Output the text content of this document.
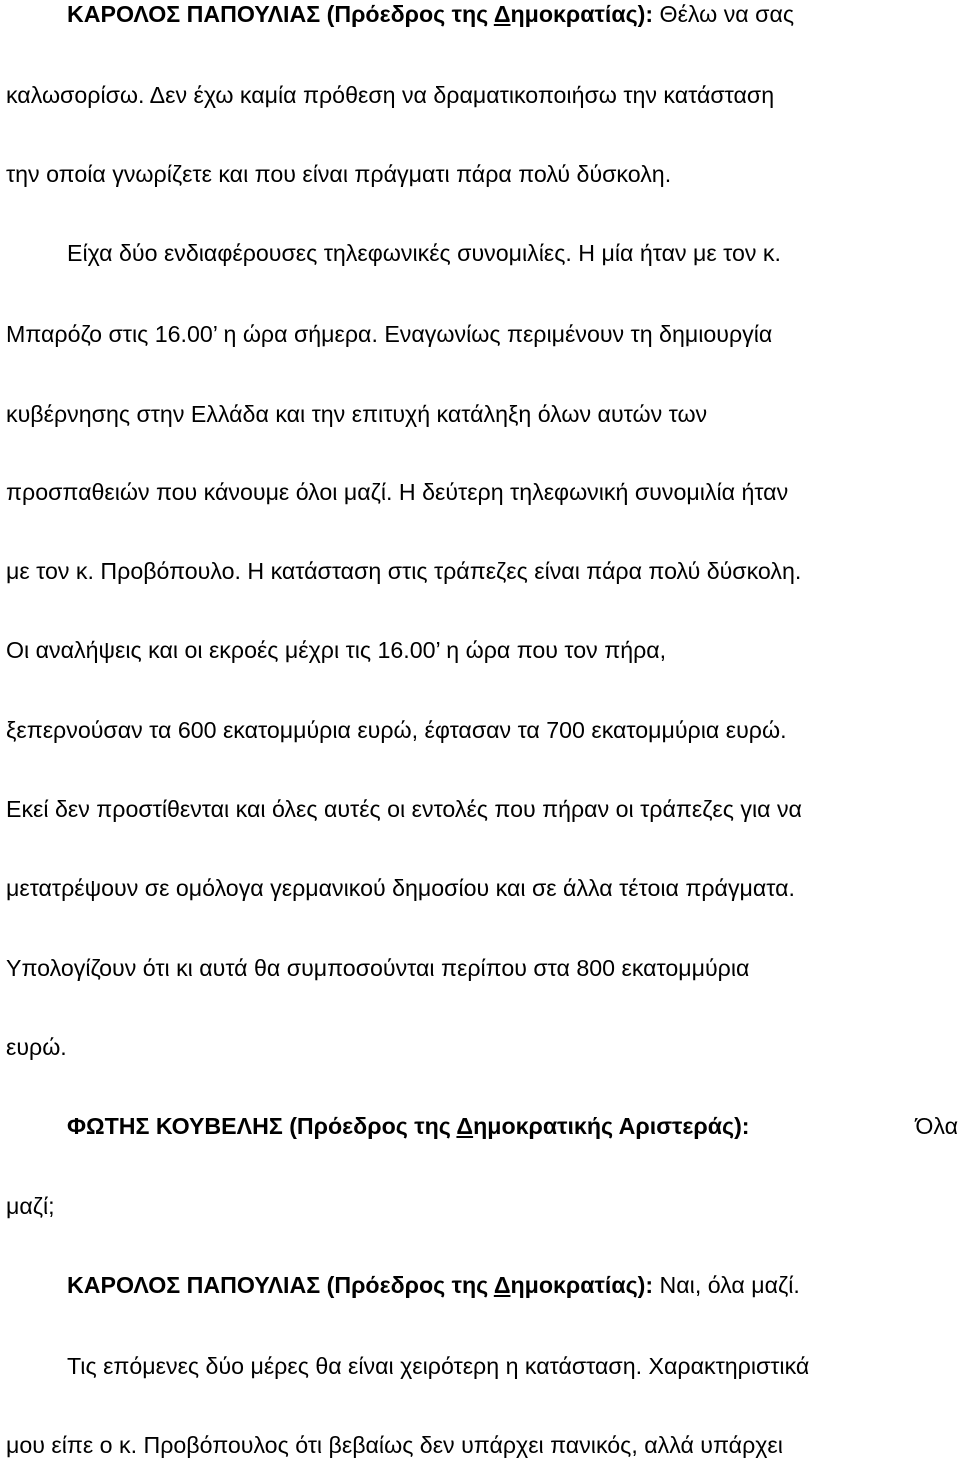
ΚΑΡΟΛΟΣ ΠΑΠΟΥΛΙΑΣ (Πρόεδρος της Δημοκρατίας): Θέλω να σας
καλωσορίσω. Δεν έχω καμία πρόθεση να δραματικοποιήσω την κατάσταση
την οποία γνωρίζετε και που είναι πράγματι πάρα πολύ δύσκολη.
Είχα δύο ενδιαφέρουσες τηλεφωνικές συνομιλίες. Η μία ήταν με τον κ.
Μπαρόζο στις 16.00’ η ώρα σήμερα. Εναγωνίως περιμένουν τη δημιουργία
κυβέρνησης στην Ελλάδα και την επιτυχή κατάληξη όλων αυτών των
προσπαθειών που κάνουμε όλοι μαζί. Η δεύτερη τηλεφωνική συνομιλία ήταν
με τον κ. Προβόπουλο. Η κατάσταση στις τράπεζες είναι πάρα πολύ δύσκολη.
Οι αναλήψεις και οι εκροές μέχρι τις 16.00’ η ώρα που τον πήρα,
ξεπερνούσαν τα 600 εκατομμύρια ευρώ, έφτασαν τα 700 εκατομμύρια ευρώ.
Εκεί δεν προστίθενται και όλες αυτές οι εντολές που πήραν οι τράπεζες για να
μετατρέψουν σε ομόλογα γερμανικού δημοσίου και σε άλλα τέτοια πράγματα.
Υπολογίζουν ότι κι αυτά θα συμποσούνται περίπου στα 800 εκατομμύρια
ευρώ.
ΦΩΤΗΣ ΚΟΥΒΕΛΗΣ (Πρόεδρος της Δημοκρατικής Αριστεράς):	Όλα
μαζί;
ΚΑΡΟΛΟΣ ΠΑΠΟΥΛΙΑΣ (Πρόεδρος της Δημοκρατίας): Ναι, όλα μαζί.
Τις επόμενες δύο μέρες θα είναι χειρότερη η κατάσταση. Χαρακτηριστικά
μου είπε ο κ. Προβόπουλος ότι βεβαίως δεν υπάρχει πανικός, αλλά υπάρχει
